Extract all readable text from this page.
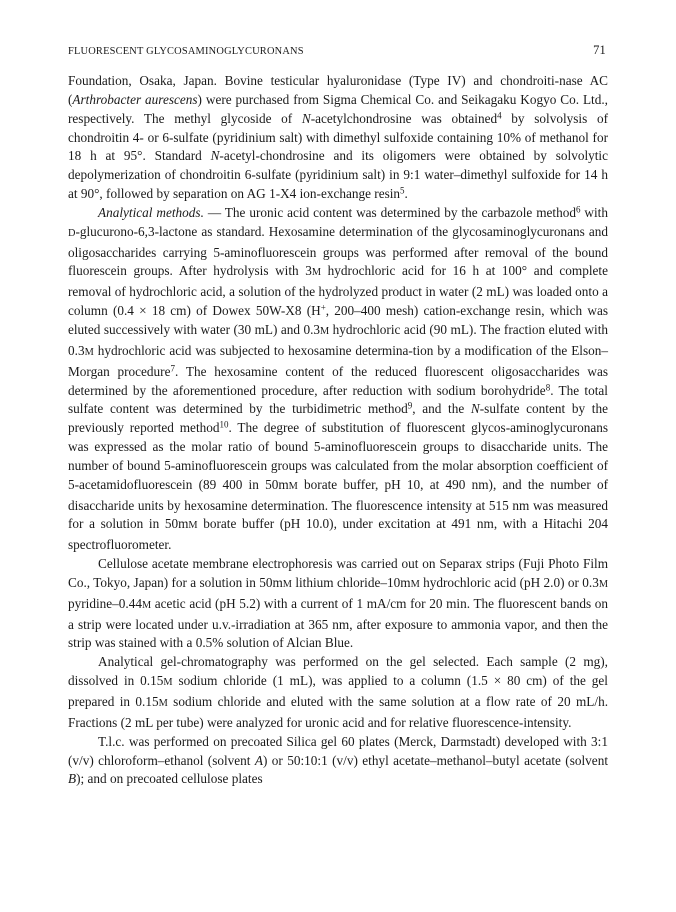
FLUORESCENT GLYCOSAMINOGLYCURONANS	71

Foundation, Osaka, Japan. Bovine testicular hyaluronidase (Type IV) and chondroiti-nase AC (Arthrobacter aurescens) were purchased from Sigma Chemical Co. and Seikagaku Kogyo Co. Ltd., respectively. The methyl glycoside of N-acetylchondrosine was obtained$^4$ by solvolysis of chondroitin 4- or 6-sulfate (pyridinium salt) with dimethyl sulfoxide containing 10% of methanol for 18 h at 95°. Standard N-acetyl-chondrosine and its oligomers were obtained by solvolytic depolymerization of chondroitin 6-sulfate (pyridinium salt) in 9:1 water–dimethyl sulfoxide for 14 h at 90°, followed by separation on AG 1-X4 ion-exchange resin$^5$.

Analytical methods. — The uronic acid content was determined by the carbazole method$^6$ with D-glucurono-6,3-lactone as standard. Hexosamine determination of the glycosaminoglycuronans and oligosaccharides carrying 5-aminofluorescein groups was performed after removal of the bound fluorescein groups. After hydrolysis with 3M hydrochloric acid for 16 h at 100° and complete removal of hydrochloric acid, a solution of the hydrolyzed product in water (2 mL) was loaded onto a column (0.4 × 18 cm) of Dowex 50W-X8 (H+, 200–400 mesh) cation-exchange resin, which was eluted successively with water (30 mL) and 0.3M hydrochloric acid (90 mL). The fraction eluted with 0.3M hydrochloric acid was subjected to hexosamine determina-tion by a modification of the Elson–Morgan procedure$^7$. The hexosamine content of the reduced fluorescent oligosaccharides was determined by the aforementioned procedure, after reduction with sodium borohydride$^8$. The total sulfate content was determined by the turbidimetric method$^9$, and the N-sulfate content by the previously reported method$^{10}$. The degree of substitution of fluorescent glycos-aminoglycuronans was expressed as the molar ratio of bound 5-aminofluorescein groups to disaccharide units. The number of bound 5-aminofluorescein groups was calculated from the molar absorption coefficient of 5-acetamidofluorescein (89 400 in 50mM borate buffer, pH 10, at 490 nm), and the number of disaccharide units by hexosamine determination. The fluorescence intensity at 515 nm was measured for a solution in 50mM borate buffer (pH 10.0), under excitation at 491 nm, with a Hitachi 204 spectrofluorometer.

Cellulose acetate membrane electrophoresis was carried out on Separax strips (Fuji Photo Film Co., Tokyo, Japan) for a solution in 50mM lithium chloride–10mM hydrochloric acid (pH 2.0) or 0.3M pyridine–0.44M acetic acid (pH 5.2) with a current of 1 mA/cm for 20 min. The fluorescent bands on a strip were located under u.v.-irradiation at 365 nm, after exposure to ammonia vapor, and then the strip was stained with a 0.5% solution of Alcian Blue.

Analytical gel-chromatography was performed on the gel selected. Each sample (2 mg), dissolved in 0.15M sodium chloride (1 mL), was applied to a column (1.5 × 80 cm) of the gel prepared in 0.15M sodium chloride and eluted with the same solution at a flow rate of 20 mL/h. Fractions (2 mL per tube) were analyzed for uronic acid and for relative fluorescence-intensity.

T.l.c. was performed on precoated Silica gel 60 plates (Merck, Darmstadt) developed with 3:1 (v/v) chloroform–ethanol (solvent A) or 50:10:1 (v/v) ethyl acetate–methanol–butyl acetate (solvent B); and on precoated cellulose plates
